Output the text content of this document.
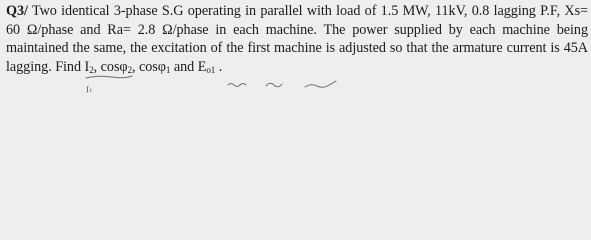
Q3/ Two identical 3-phase S.G operating in parallel with load of 1.5 MW, 11kV, 0.8 lagging P.F, Xs= 60 Ω/phase and Ra= 2.8 Ω/phase in each machine. The power supplied by each machine being maintained the same, the excitation of the first machine is adjusted so that the armature current is 45A lagging. Find $I_2$, cosφ$_2$, cosφ$_1$ and $E_{o1}$ .

I₁
